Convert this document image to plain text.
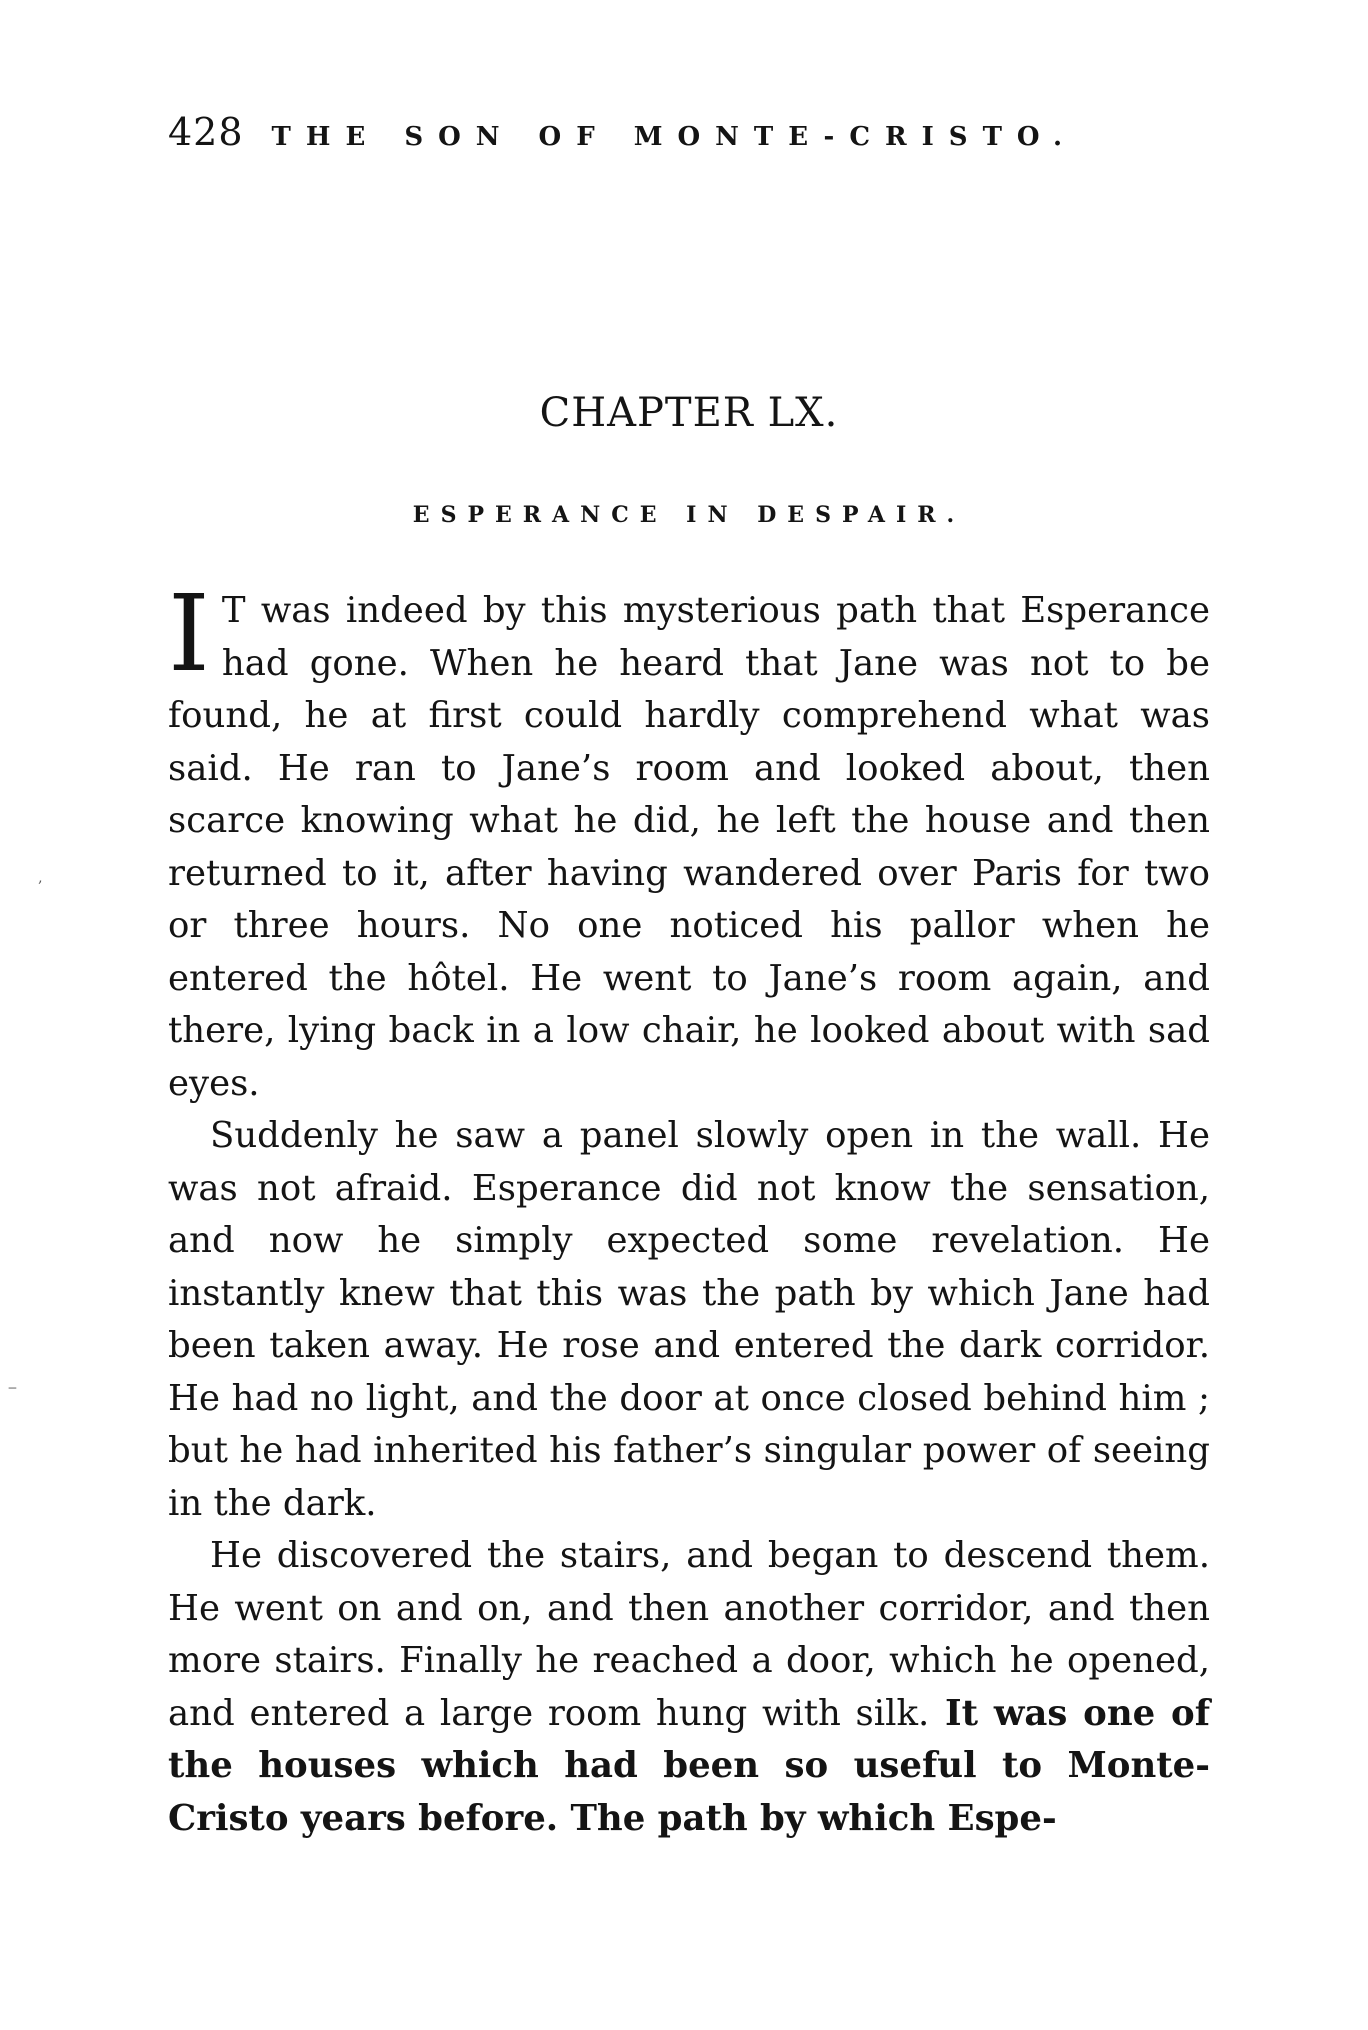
428 THE SON OF MONTE-CRISTO.
CHAPTER LX.
ESPERANCE IN DESPAIR.

I T was indeed by this mysterious path that Esperance had gone. When he heard that Jane was not to be found, he at first could hardly comprehend what was said. He ran to Jane’s room and looked about, then scarce knowing what he did, he left the house and then returned to it, after having wandered over Paris for two or three hours. No one noticed his pallor when he entered the hôtel. He went to Jane’s room again, and there, lying back in a low chair, he looked about with sad eyes.

Suddenly he saw a panel slowly open in the wall. He was not afraid. Esperance did not know the sensation, and now he simply expected some revelation. He instantly knew that this was the path by which Jane had been taken away. He rose and entered the dark corridor. He had no light, and the door at once closed behind him ; but he had inherited his father’s singular power of seeing in the dark.

He discovered the stairs, and began to descend them. He went on and on, and then another corridor, and then more stairs. Finally he reached a door, which he opened, and entered a large room hung with silk. It was one of the houses which had been so useful to Monte-Cristo years before. The path by which Espe-

‚
‒
